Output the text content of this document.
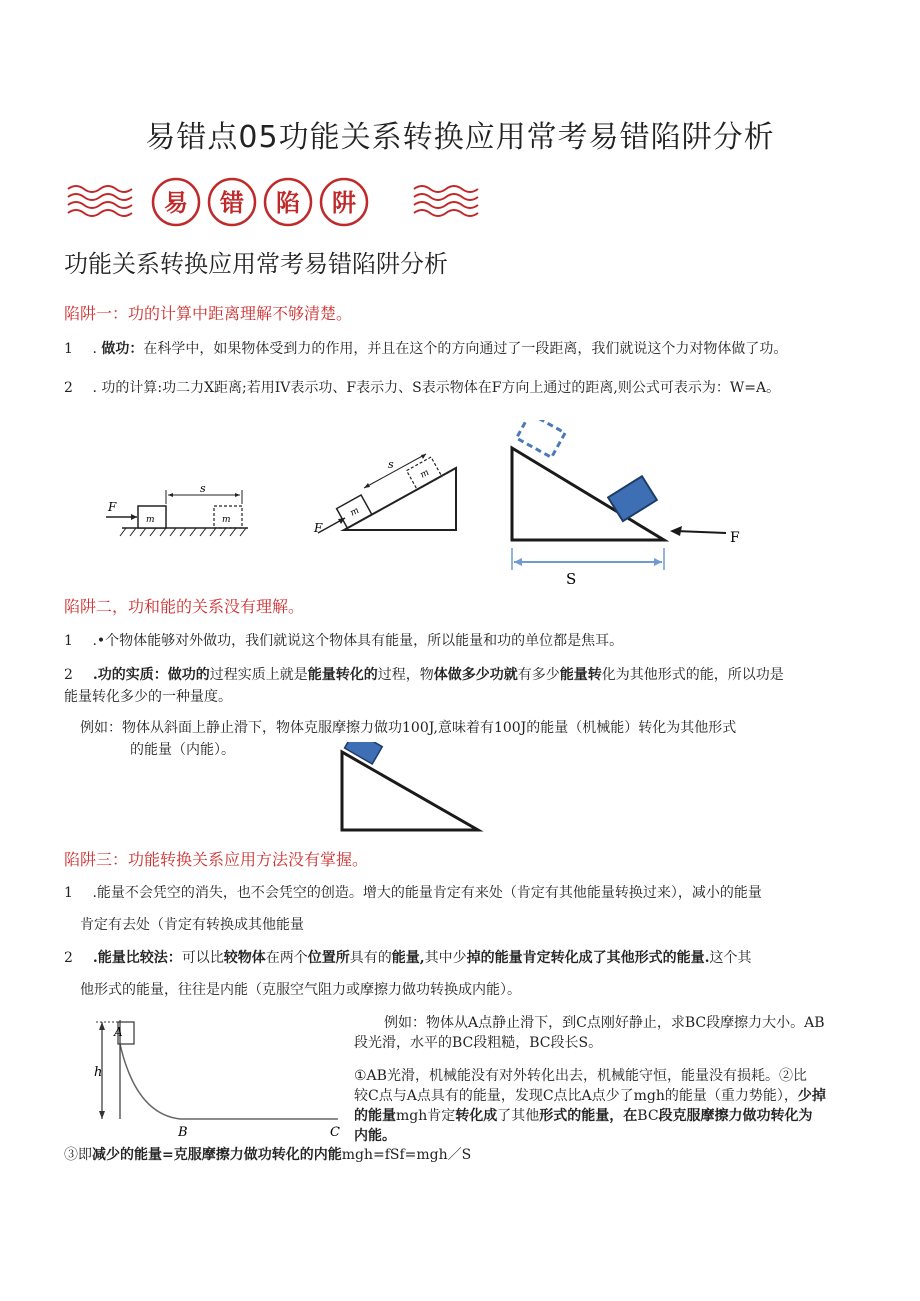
易错点05功能关系转换应用常考易错陷阱分析
易 错 陷 阱
功能关系转换应用常考易错陷阱分析
陷阱一：功的计算中距离理解不够清楚。
1 . 做功：在科学中，如果物体受到力的作用，并且在这个的方向通过了一段距离，我们就说这个力对物体做了功。
2 . 功的计算:功二力X距离;若用IV表示功、F表示力、S表示物体在F方向上通过的距离,则公式可表示为：W=A。
F
m	m
s
m
m
F
s
F
S
陷阱二，功和能的关系没有理解。
1 .•个物体能够对外做功，我们就说这个物体具有能量，所以能量和功的单位都是焦耳。
2 .功的实质：做功的过程实质上就是能量转化的过程，物体做多少功就有多少能量转化为其他形式的能，所以功是
能量转化多少的一种量度。
例如：物体从斜面上静止滑下，物体克服摩擦力做功100J,意味着有100J的能量（机械能）转化为其他形式
的能量（内能）。
陷阱三：功能转换关系应用方法没有掌握。
1 .能量不会凭空的消失，也不会凭空的创造。增大的能量肯定有来处（肯定有其他能量转换过来），减小的能量
肯定有去处（肯定有转换成其他能量
2 .能量比较法：可以比较物体在两个位置所具有的能量,其中少掉的能量肯定转化成了其他形式的能量.这个其
他形式的能量，往往是内能（克服空气阻力或摩擦力做功转换成内能）。
A
B	C
h
例如：物体从A点静止滑下，到C点刚好静止，求BC段摩擦力大小。AB
段光滑，水平的BC段粗糙，BC段长S。
①AB光滑，机械能没有对外转化出去，机械能守恒，能量没有损耗。②比
较C点与A点具有的能量，发现C点比A点少了mgh的能量（重力势能），少掉
的能量mgh肯定转化成了其他形式的能量，在BC段克服摩擦力做功转化为
内能。
③即减少的能量=克服摩擦力做功转化的内能mgh=fSf=mgh／S
